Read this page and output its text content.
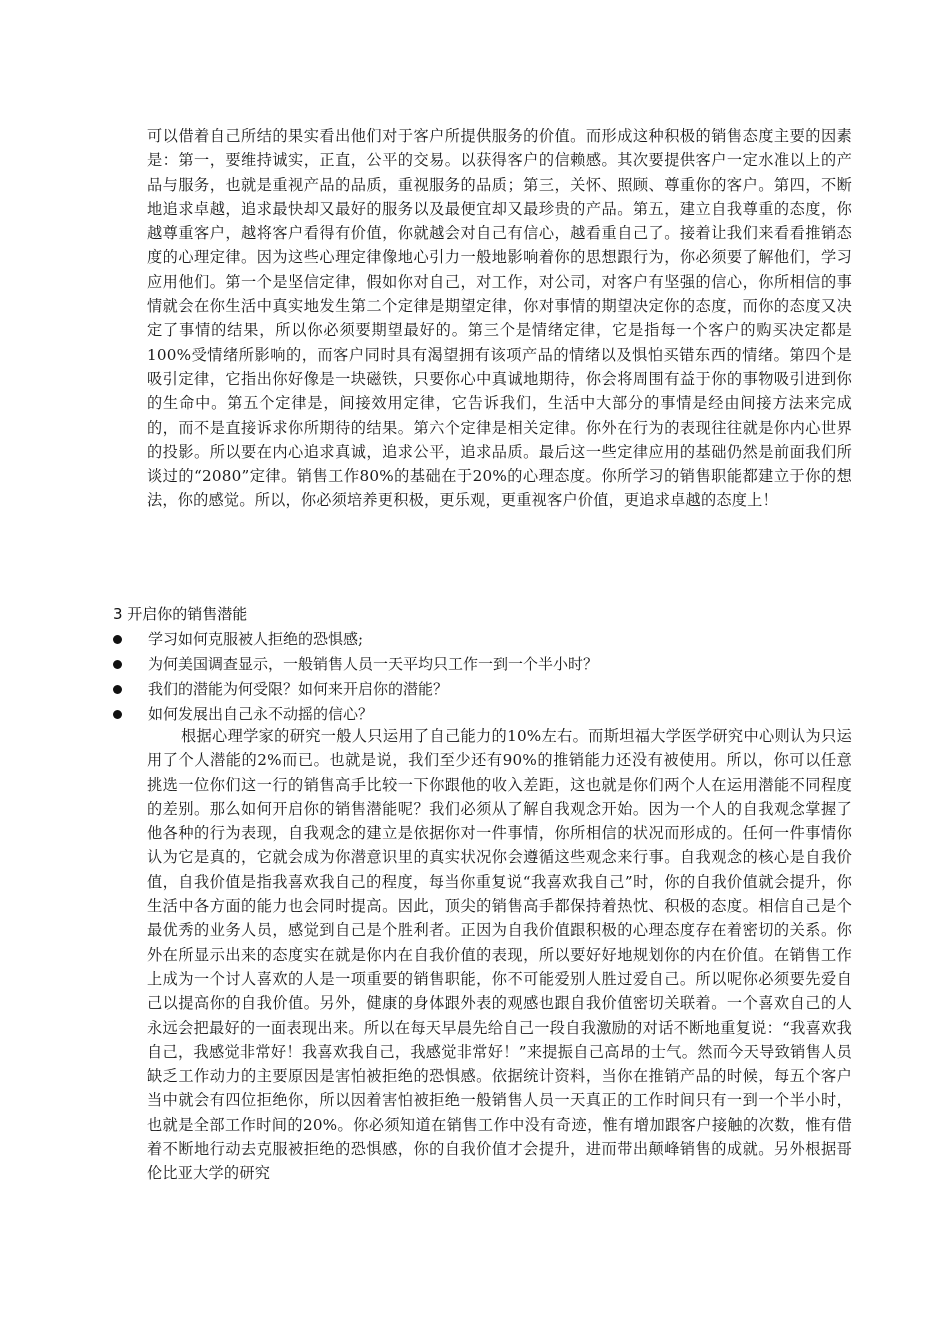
可以借着自己所结的果实看出他们对于客户所提供服务的价值。而形成这种积极的销售态度主要的因素是：第一，要维持诚实，正直，公平的交易。以获得客户的信赖感。其次要提供客户一定水准以上的产品与服务，也就是重视产品的品质，重视服务的品质；第三，关怀、照顾、尊重你的客户。第四，不断地追求卓越，追求最快却又最好的服务以及最便宜却又最珍贵的产品。第五，建立自我尊重的态度，你越尊重客户，越将客户看得有价值，你就越会对自己有信心，越看重自己了。接着让我们来看看推销态度的心理定律。因为这些心理定律像地心引力一般地影响着你的思想跟行为，你必须要了解他们，学习应用他们。第一个是坚信定律，假如你对自己，对工作，对公司，对客户有坚强的信心，你所相信的事情就会在你生活中真实地发生第二个定律是期望定律，你对事情的期望决定你的态度，而你的态度又决定了事情的结果，所以你必须要期望最好的。第三个是情绪定律，它是指每一个客户的购买决定都是100%受情绪所影响的，而客户同时具有渴望拥有该项产品的情绪以及惧怕买错东西的情绪。第四个是吸引定律，它指出你好像是一块磁铁，只要你心中真诚地期待，你会将周围有益于你的事物吸引进到你的生命中。第五个定律是，间接效用定律，它告诉我们，生活中大部分的事情是经由间接方法来完成的，而不是直接诉求你所期待的结果。第六个定律是相关定律。你外在行为的表现往往就是你内心世界的投影。所以要在内心追求真诚，追求公平，追求品质。最后这一些定律应用的基础仍然是前面我们所谈过的“2080”定律。销售工作80%的基础在于20%的心理态度。你所学习的销售职能都建立于你的想法，你的感觉。所以，你必须培养更积极，更乐观，更重视客户价值，更追求卓越的态度上！

3 开启你的销售潜能
学习如何克服被人拒绝的恐惧感;
为何美国调查显示，一般销售人员一天平均只工作一到一个半小时？
我们的潜能为何受限？如何来开启你的潜能？
如何发展出自己永不动摇的信心？

根据心理学家的研究一般人只运用了自己能力的10%左右。而斯坦福大学医学研究中心则认为只运用了个人潜能的2%而已。也就是说，我们至少还有90%的推销能力还没有被使用。所以，你可以任意挑选一位你们这一行的销售高手比较一下你跟他的收入差距，这也就是你们两个人在运用潜能不同程度的差别。那么如何开启你的销售潜能呢？我们必须从了解自我观念开始。因为一个人的自我观念掌握了他各种的行为表现，自我观念的建立是依据你对一件事情，你所相信的状况而形成的。任何一件事情你认为它是真的，它就会成为你潜意识里的真实状况你会遵循这些观念来行事。自我观念的核心是自我价值，自我价值是指我喜欢我自己的程度，每当你重复说“我喜欢我自己”时，你的自我价值就会提升，你生活中各方面的能力也会同时提高。因此，顶尖的销售高手都保持着热忱、积极的态度。相信自己是个最优秀的业务人员，感觉到自己是个胜利者。正因为自我价值跟积极的心理态度存在着密切的关系。你外在所显示出来的态度实在就是你内在自我价值的表现，所以要好好地规划你的内在价值。在销售工作上成为一个讨人喜欢的人是一项重要的销售职能，你不可能爱别人胜过爱自己。所以呢你必须要先爱自己以提高你的自我价值。另外，健康的身体跟外表的观感也跟自我价值密切关联着。一个喜欢自己的人永远会把最好的一面表现出来。所以在每天早晨先给自己一段自我激励的对话不断地重复说：“我喜欢我自己，我感觉非常好！我喜欢我自己，我感觉非常好！”来提振自己高昂的士气。然而今天导致销售人员缺乏工作动力的主要原因是害怕被拒绝的恐惧感。依据统计资料，当你在推销产品的时候，每五个客户当中就会有四位拒绝你，所以因着害怕被拒绝一般销售人员一天真正的工作时间只有一到一个半小时，也就是全部工作时间的20%。你必须知道在销售工作中没有奇迹，惟有增加跟客户接触的次数，惟有借着不断地行动去克服被拒绝的恐惧感，你的自我价值才会提升，进而带出颠峰销售的成就。另外根据哥伦比亚大学的研究
